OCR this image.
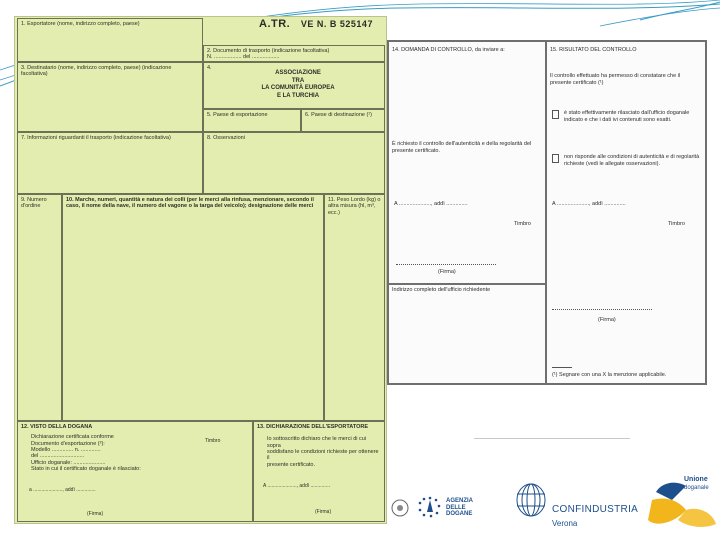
A.TR. VE N. B 525147
1. Esportatore (nome, indirizzo completo, paese)
2. Documento di trasporto (indicazione facoltativa)
N. .................. del ..................
3. Destinatario (nome, indirizzo completo, paese) (indicazione facoltativa)
4.
ASSOCIAZIONE
TRA
LA COMUNITÀ EUROPEA
E LA TURCHIA
5. Paese di esportazione	6. Paese di destinazione (¹)
7. Informazioni riguardanti il trasporto (indicazione facoltativa)	8. Osservazioni
9. Numero d'ordine
10. Marche, numeri, quantità e natura dei colli (per le merci alla rinfusa, menzionare, secondo il caso, il nome della nave, il numero del vagone o la targa del veicolo); designazione delle merci
11. Peso Lordo (kg) o altra misura (hl, m³, ecc.)
12. VISTO DELLA DOGANA
Dichiarazione certificata conforme
Documento d'esportazione (²):
Modello .............. n. .............
del .............................
Ufficio doganale: .....................
Stato in cui il certificato doganale è rilasciato:
Timbro
a ....................., addì ..............
(Firma)
13. DICHIARAZIONE DELL'ESPORTATORE
Io sottoscritto dichiaro che le merci di cui sopra
soddisfano le condizioni richieste per ottenere il
presente certificato.
A ....................., addì ..............
(Firma)
14. DOMANDA DI CONTROLLO, da inviare a:
È richiesto il controllo dell'autenticità e della regolarità del presente certificato.
A ....................., addì ..............
Timbro
(Firma)
Indirizzo completo dell'ufficio richiedente
15. RISULTATO DEL CONTROLLO
Il controllo effettuato ha permesso di constatare che il presente certificato (¹)
è stato effettivamente rilasciato dall'ufficio doganale indicato e che i dati ivi contenuti sono esatti.
non risponde alle condizioni di autenticità e di regolarità richieste (vedi le allegate osservazioni).
A ....................., addì ..............
Timbro
(Firma)
(¹) Segnare con una X la menzione applicabile.
AGENZIA
DELLE
DOGANE	CONFINDUSTRIA
Verona
Unione
doganale
